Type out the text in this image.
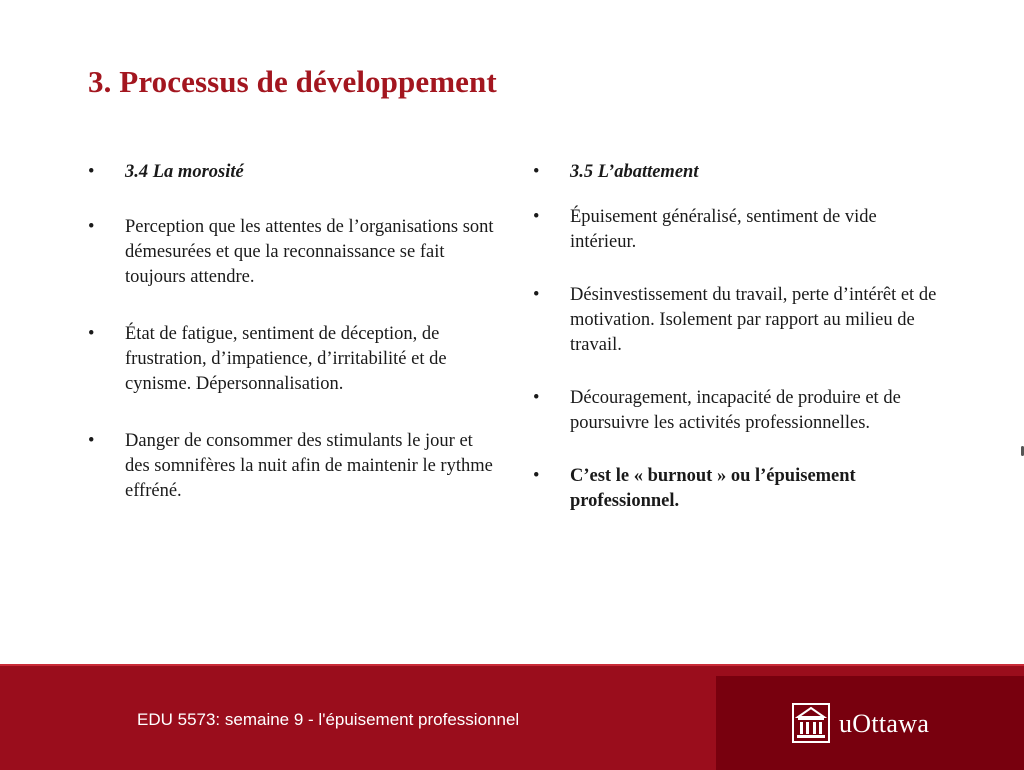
3. Processus de développement
• 3.4 La morosité
• Perception que les attentes de l’organisations sont démesurées et que la reconnaissance se fait toujours attendre.
• État de fatigue, sentiment de déception, de frustration, d’impatience, d’irritabilité et de cynisme. Dépersonnalisation.
• Danger de consommer des stimulants le jour et des somnifères la nuit afin de maintenir le rythme effréné.
• 3.5 L’abattement
• Épuisement généralisé, sentiment de vide intérieur.
• Désinvestissement du travail, perte d’intérêt et de motivation. Isolement par rapport au milieu de travail.
• Découragement, incapacité de produire et de poursuivre les activités professionnelles.
• C’est le « burnout » ou l’épuisement professionnel.
EDU 5573: semaine 9 - l'épuisement professionnel	uOttawa
